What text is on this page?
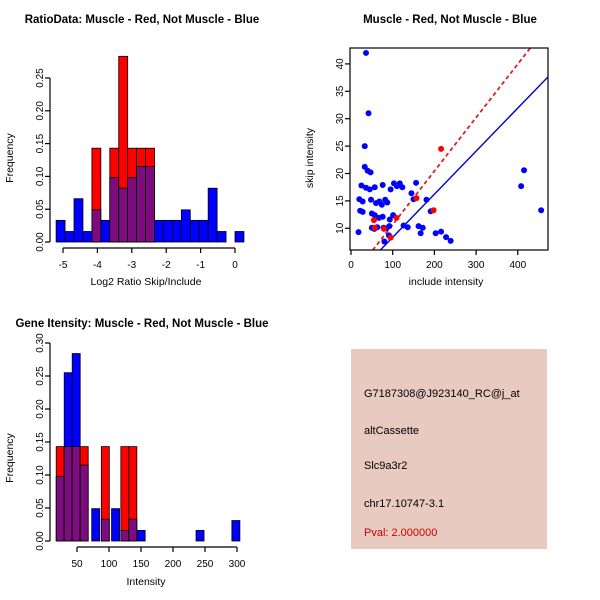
0.00
0.05
0.10
0.15
0.20
0.25
-5	-4	-3	-2	-1	0
RatioData: Muscle - Red, Not Muscle - Blue
Log2 Ratio Skip/Include
Frequency
0	100	200	300	400
10
15
20
25
30
35
40
Muscle - Red, Not Muscle - Blue
include intensity
skip intensity
0.00
0.05
0.10
0.15
0.20
0.25
0.30
50 100 150 200 250 300
Gene Itensity: Muscle - Red, Not Muscle - Blue
Intensity
Frequency
G7187308@J923140_RC@j_at
altCassette
Slc9a3r2
chr17.10747-3.1
Pval: 2.000000
